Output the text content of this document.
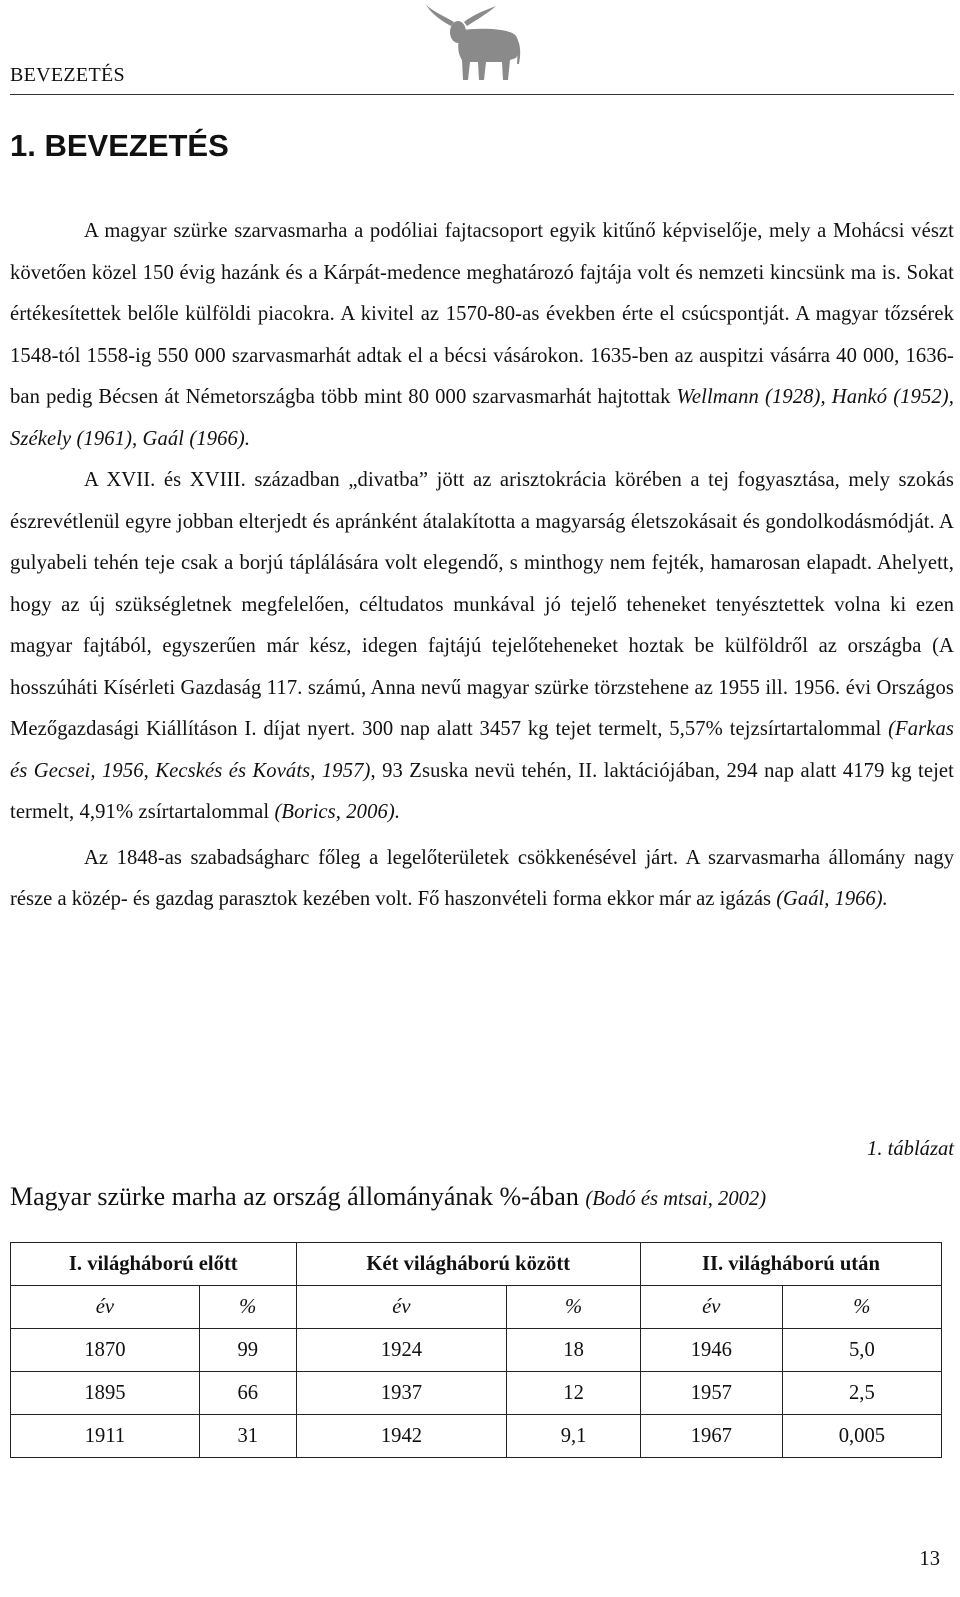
BEVEZETÉS
1. BEVEZETÉS

A magyar szürke szarvasmarha a podóliai fajtacsoport egyik kitűnő képviselője, mely a Mohácsi vészt követően közel 150 évig hazánk és a Kárpát-medence meghatározó fajtája volt és nemzeti kincsünk ma is. Sokat értékesítettek belőle külföldi piacokra. A kivitel az 1570-80-as években érte el csúcspontját. A magyar tőzsérek 1548-tól 1558-ig 550 000 szarvasmarhát adtak el a bécsi vásárokon. 1635-ben az auspitzi vásárra 40 000, 1636-ban pedig Bécsen át Németországba több mint 80 000 szarvasmarhát hajtottak Wellmann (1928), Hankó (1952), Székely (1961), Gaál (1966).

A XVII. és XVIII. században „divatba” jött az arisztokrácia körében a tej fogyasztása, mely szokás észrevétlenül egyre jobban elterjedt és apránként átalakította a magyarság életszokásait és gondolkodásmódját. A gulyabeli tehén teje csak a borjú táplálására volt elegendő, s minthogy nem fejték, hamarosan elapadt. Ahelyett, hogy az új szükségletnek megfelelően, céltudatos munkával jó tejelő teheneket tenyésztettek volna ki ezen magyar fajtából, egyszerűen már kész, idegen fajtájú tejelőteheneket hoztak be külföldről az országba (A hosszúháti Kísérleti Gazdaság 117. számú, Anna nevű magyar szürke törzstehene az 1955 ill. 1956. évi Országos Mezőgazdasági Kiállításon I. díjat nyert. 300 nap alatt 3457 kg tejet termelt, 5,57% tejzsírtartalommal (Farkas és Gecsei, 1956, Kecskés és Kováts, 1957), 93 Zsuska nevü tehén, II. laktációjában, 294 nap alatt 4179 kg tejet termelt, 4,91% zsírtartalommal (Borics, 2006).

Az 1848-as szabadságharc főleg a legelőterületek csökkenésével járt. A szarvasmarha állomány nagy része a közép- és gazdag parasztok kezében volt. Fő haszonvételi forma ekkor már az igázás (Gaál, 1966).

1. táblázat
Magyar szürke marha az ország állományának %-ában (Bodó és mtsai, 2002)
I. világháború előtt		Két világháború között		II. világháború után	
év	%	év	%	év	%
1870	99	1924	18	1946	5,0
1895	66	1937	12	1957	2,5
1911	31	1942	9,1	1967	0,005
13
